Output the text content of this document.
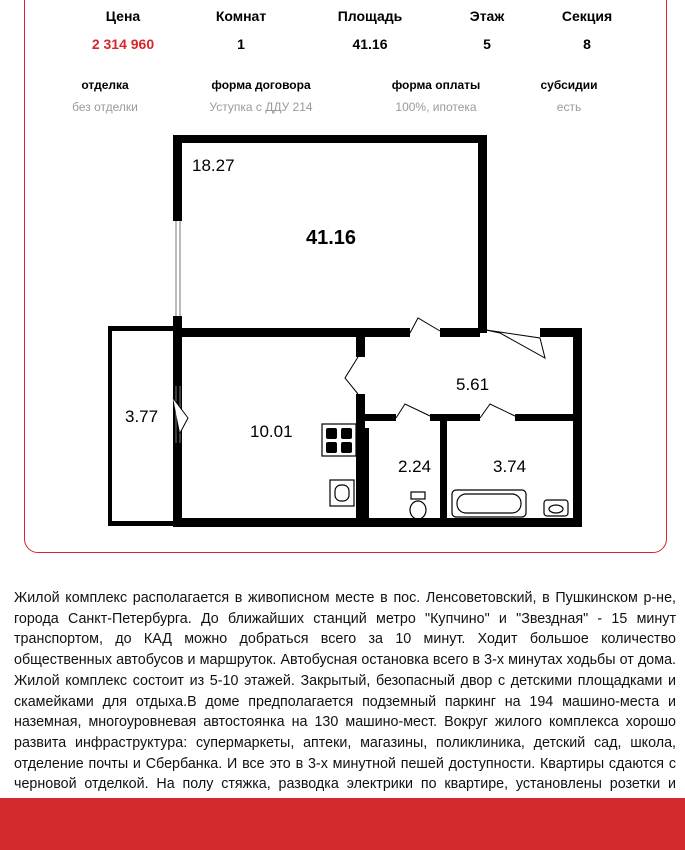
Цена
2 314 960
Комнат
1
Площадь
41.16
Этаж
5
Секция
8
отделка
без отделки
форма договора
Уступка с ДДУ 214
форма оплаты
100%, ипотека
субсидии
есть
18.27
41.16
3.77
10.01
5.61
2.24	3.74
Жилой комплекс располагается в живописном месте в пос. Ленсоветовский, в Пушкинском р-не, города Санкт-Петербурга. До ближайших станций метро "Купчино" и "Звездная" - 15 минут транспортом, до КАД можно добраться всего за 10 минут. Ходит большое количество общественных автобусов и маршруток. Автобусная остановка всего в 3-х минутах ходьбы от дома. Жилой комплекс состоит из 5-10 этажей. Закрытый, безопасный двор с детскими площадками и скамейками для отдыха.В доме предполагается подземный паркинг на 194 машино-места и наземная, многоуровневая автостоянка на 130 машино-мест. Вокруг жилого комплекса хорошо развита инфраструктура: супермаркеты, аптеки, магазины, поликлиника, детский сад, школа, отделение почты и Сбербанка. И все это в 3-х минутной пешей доступности. Квартиры сдаются с черновой отделкой. На полу стяжка, разводка электрики по квартире, установлены розетки и
